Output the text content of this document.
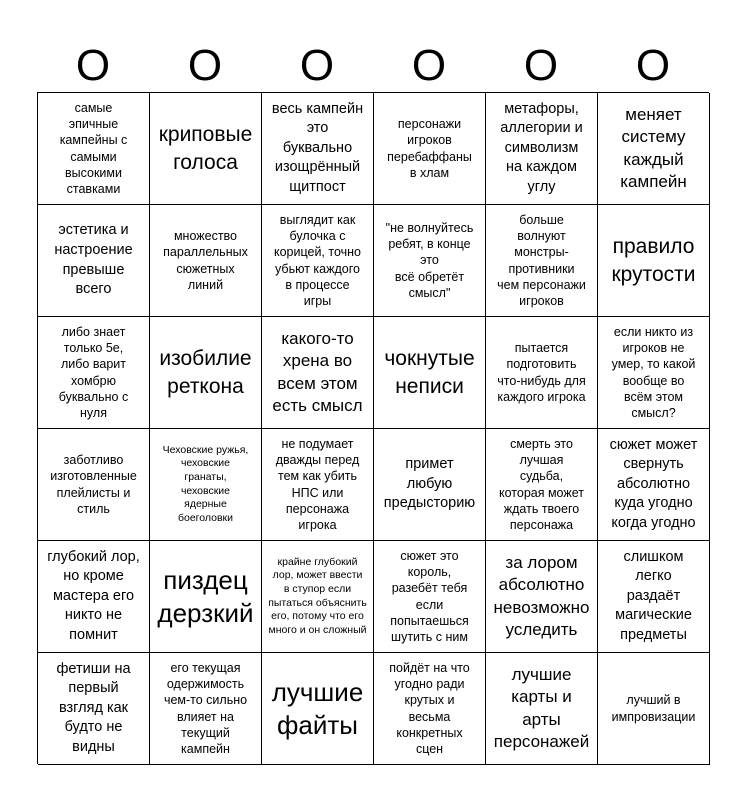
O	O	O	O	O	O
самые
эпичные
кампейны с
самыми
высокими
ставками
криповые
голоса
весь кампейн
это
буквально
изощрённый
щитпост
персонажи
игроков
перебаффаны
в хлам
метафоры,
аллегории и
символизм
на каждом
углу
меняет
систему
каждый
кампейн
эстетика и
настроение
превыше
всего
множество
параллельных
сюжетных
линий
выглядит как
булочка с
корицей, точно
убьют каждого
в процессе
игры
"не волнуйтесь
ребят, в конце
это
всё обретёт
смысл"
больше
волнуют
монстры-
противники
чем персонажи
игроков
правило
крутости
либо знает
только 5е,
либо варит
хомбрю
буквально с
нуля
изобилие
реткона
какого-то
хрена во
всем этом
есть смысл
чокнутые
неписи
пытается
подготовить
что-нибудь для
каждого игрока
если никто из
игроков не
умер, то какой
вообще во
всём этом
смысл?
заботливо
изготовленные
плейлисты и
стиль
Чеховские ружья,
чеховские
гранаты,
чеховские
ядерные
боеголовки
не подумает
дважды перед
тем как убить
НПС или
персонажа
игрока
примет
любую
предысторию
смерть это
лучшая
судьба,
которая может
ждать твоего
персонажа
сюжет может
свернуть
абсолютно
куда угодно
когда угодно
глубокий лор,
но кроме
мастера его
никто не
помнит
пиздец
дерзкий
крайне глубокий
лор, может ввести
в ступор если
пытаться объяснить
его, потому что его
много и он сложный
сюжет это
король,
разебёт тебя
если
попытаешься
шутить с ним
за лором
абсолютно
невозможно
уследить
слишком
легко
раздаёт
магические
предметы
фетиши на
первый
взгляд как
будто не
видны
его текущая
одержимость
чем-то сильно
влияет на
текущий
кампейн
лучшие
файты
пойдёт на что
угодно ради
крутых и
весьма
конкретных
сцен
лучшие
карты и
арты
персонажей
лучший в
импровизации
